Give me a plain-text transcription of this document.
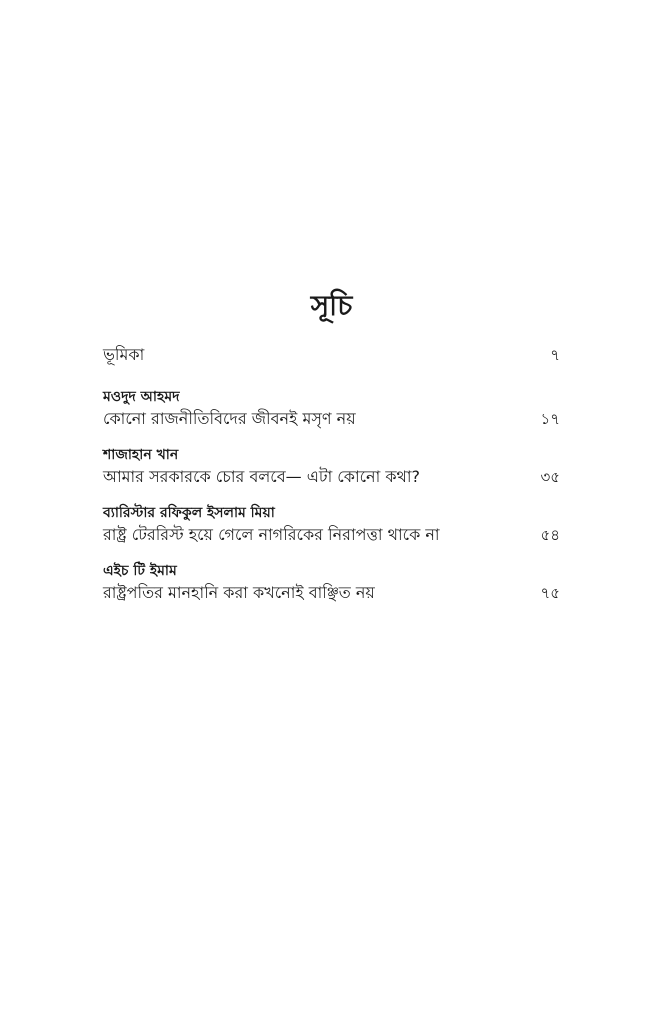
সূচি
ভূমিকা	৭
মওদুদ আহমদ
কোনো রাজনীতিবিদের জীবনই মসৃণ নয়	১৭
শাজাহান খান
আমার সরকারকে চোর বলবে— এটা কোনো কথা?	৩৫
ব্যারিস্টার রফিকুল ইসলাম মিয়া
রাষ্ট্র টেররিস্ট হয়ে গেলে নাগরিকের নিরাপত্তা থাকে না	৫৪
এইচ টি ইমাম
রাষ্ট্রপতির মানহানি করা কখনোই বাঞ্ছিত নয়	৭৫
